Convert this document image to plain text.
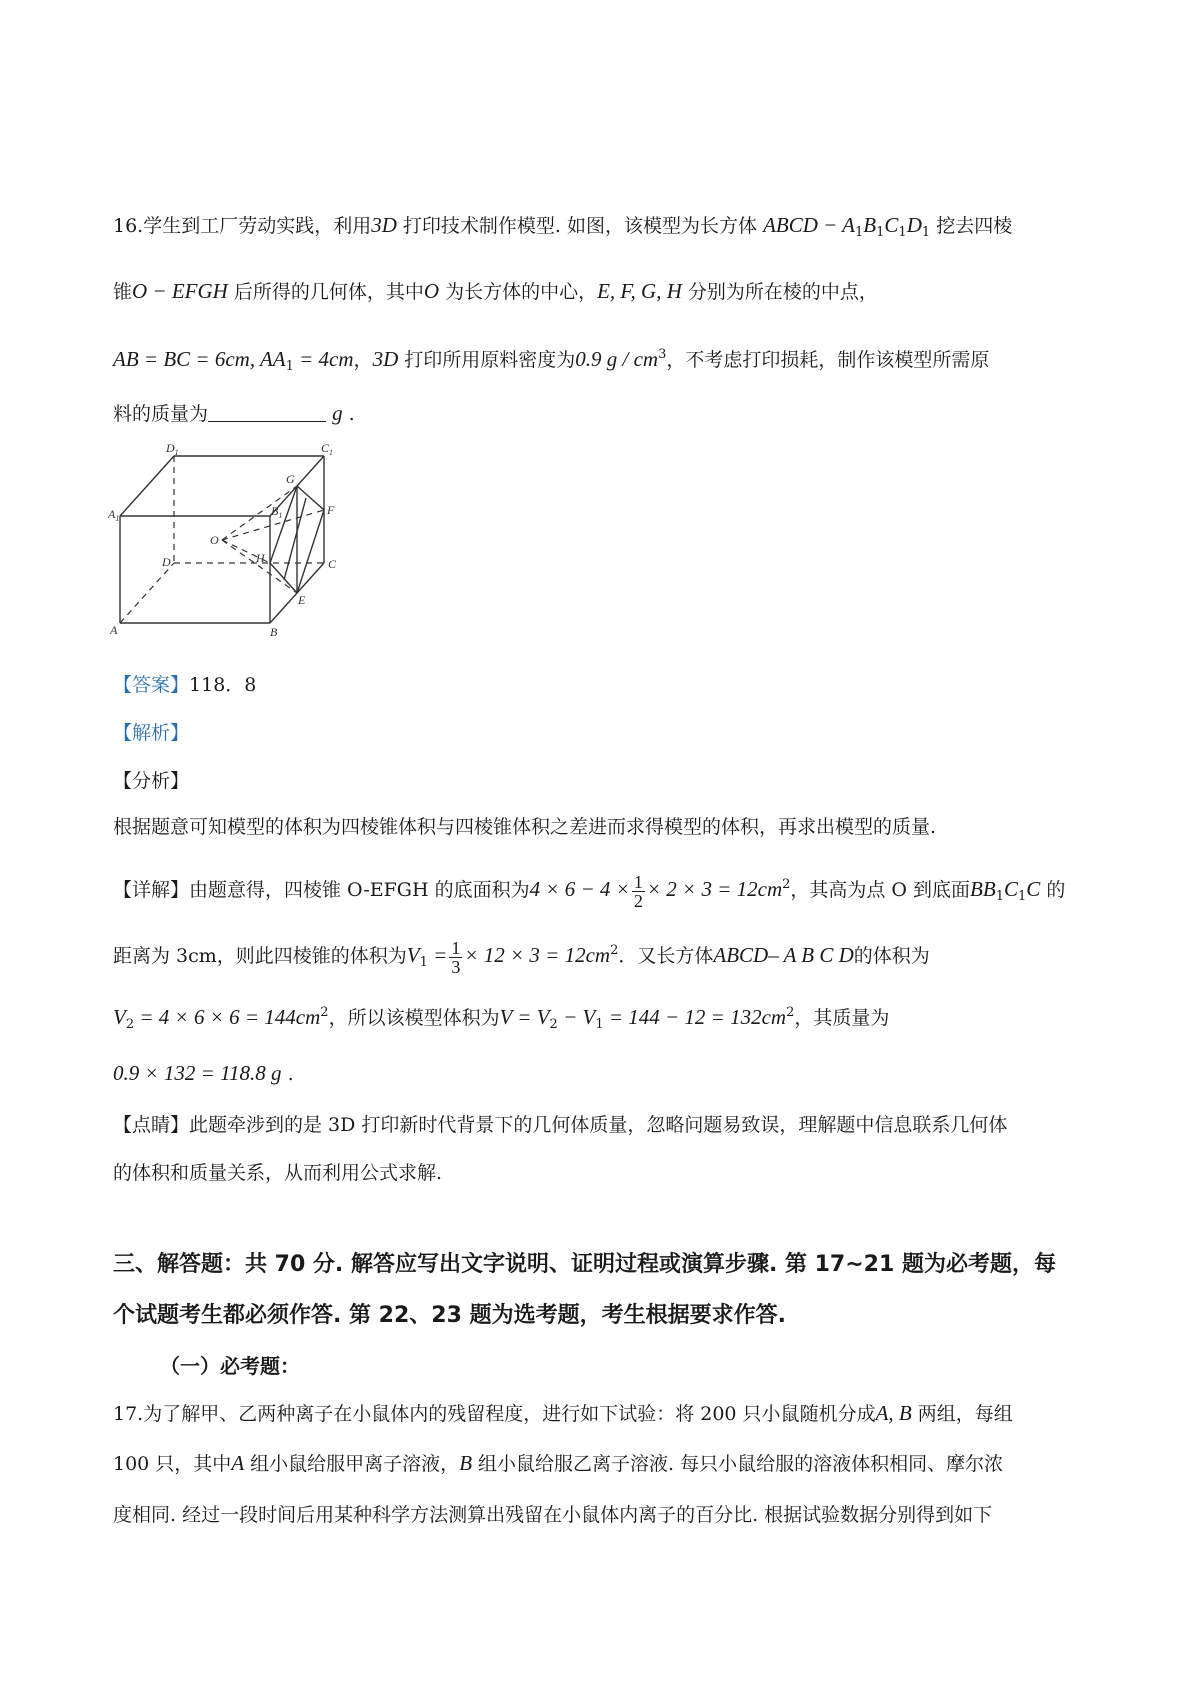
16.学生到工厂劳动实践，利用3D 打印技术制作模型. 如图，该模型为长方体 ABCD − $A_1B_1C_1D_1$ 挖去四棱
锥O − EFGH 后所得的几何体，其中O 为长方体的中心，E, F, G, H 分别为所在棱的中点，
AB = BC = 6cm, $AA_1 = 4cm$，3D 打印所用原料密度为0.9 g / $cm^3$，不考虑打印损耗，制作该模型所需原
料的质量为	g .
$D_1$	$C_1$
$A_1$
G
$B_1$	F
O
D	H	C
E
A	B
【答案】118．8
【解析】
【分析】
根据题意可知模型的体积为四棱锥体积与四棱锥体积之差进而求得模型的体积，再求出模型的质量.
【详解】由题意得，四棱锥 O-EFGH 的底面积为$4 \times 6 - 4 \times \frac{1}{2} \times 2 \times 3 = 12cm^2$，其高为点 O 到底面$BB_1C_1C$ 的
距离为 3cm，则此四棱锥的体积为$V_1 = \frac{1}{3} \times 12 \times 3 = 12cm^2$．又长方体ABCD– A B C D的体积为
$V_2 = 4 \times 6 \times 6 = 144cm^2$，所以该模型体积为$V = V_2 - V_1 = 144 - 12 = 132cm^2$，其质量为
0.9 × 132 = 118.8 g .
【点睛】此题牵涉到的是 3D 打印新时代背景下的几何体质量，忽略问题易致误，理解题中信息联系几何体
的体积和质量关系，从而利用公式求解.
三、解答题：共 70 分. 解答应写出文字说明、证明过程或演算步骤. 第 17~21 题为必考题，每
个试题考生都必须作答. 第 22、23 题为选考题，考生根据要求作答.
（一）必考题：
17.为了解甲、乙两种离子在小鼠体内的残留程度，进行如下试验：将 200 只小鼠随机分成A, B 两组，每组
100 只，其中A 组小鼠给服甲离子溶液，B 组小鼠给服乙离子溶液. 每只小鼠给服的溶液体积相同、摩尔浓
度相同. 经过一段时间后用某种科学方法测算出残留在小鼠体内离子的百分比. 根据试验数据分别得到如下
